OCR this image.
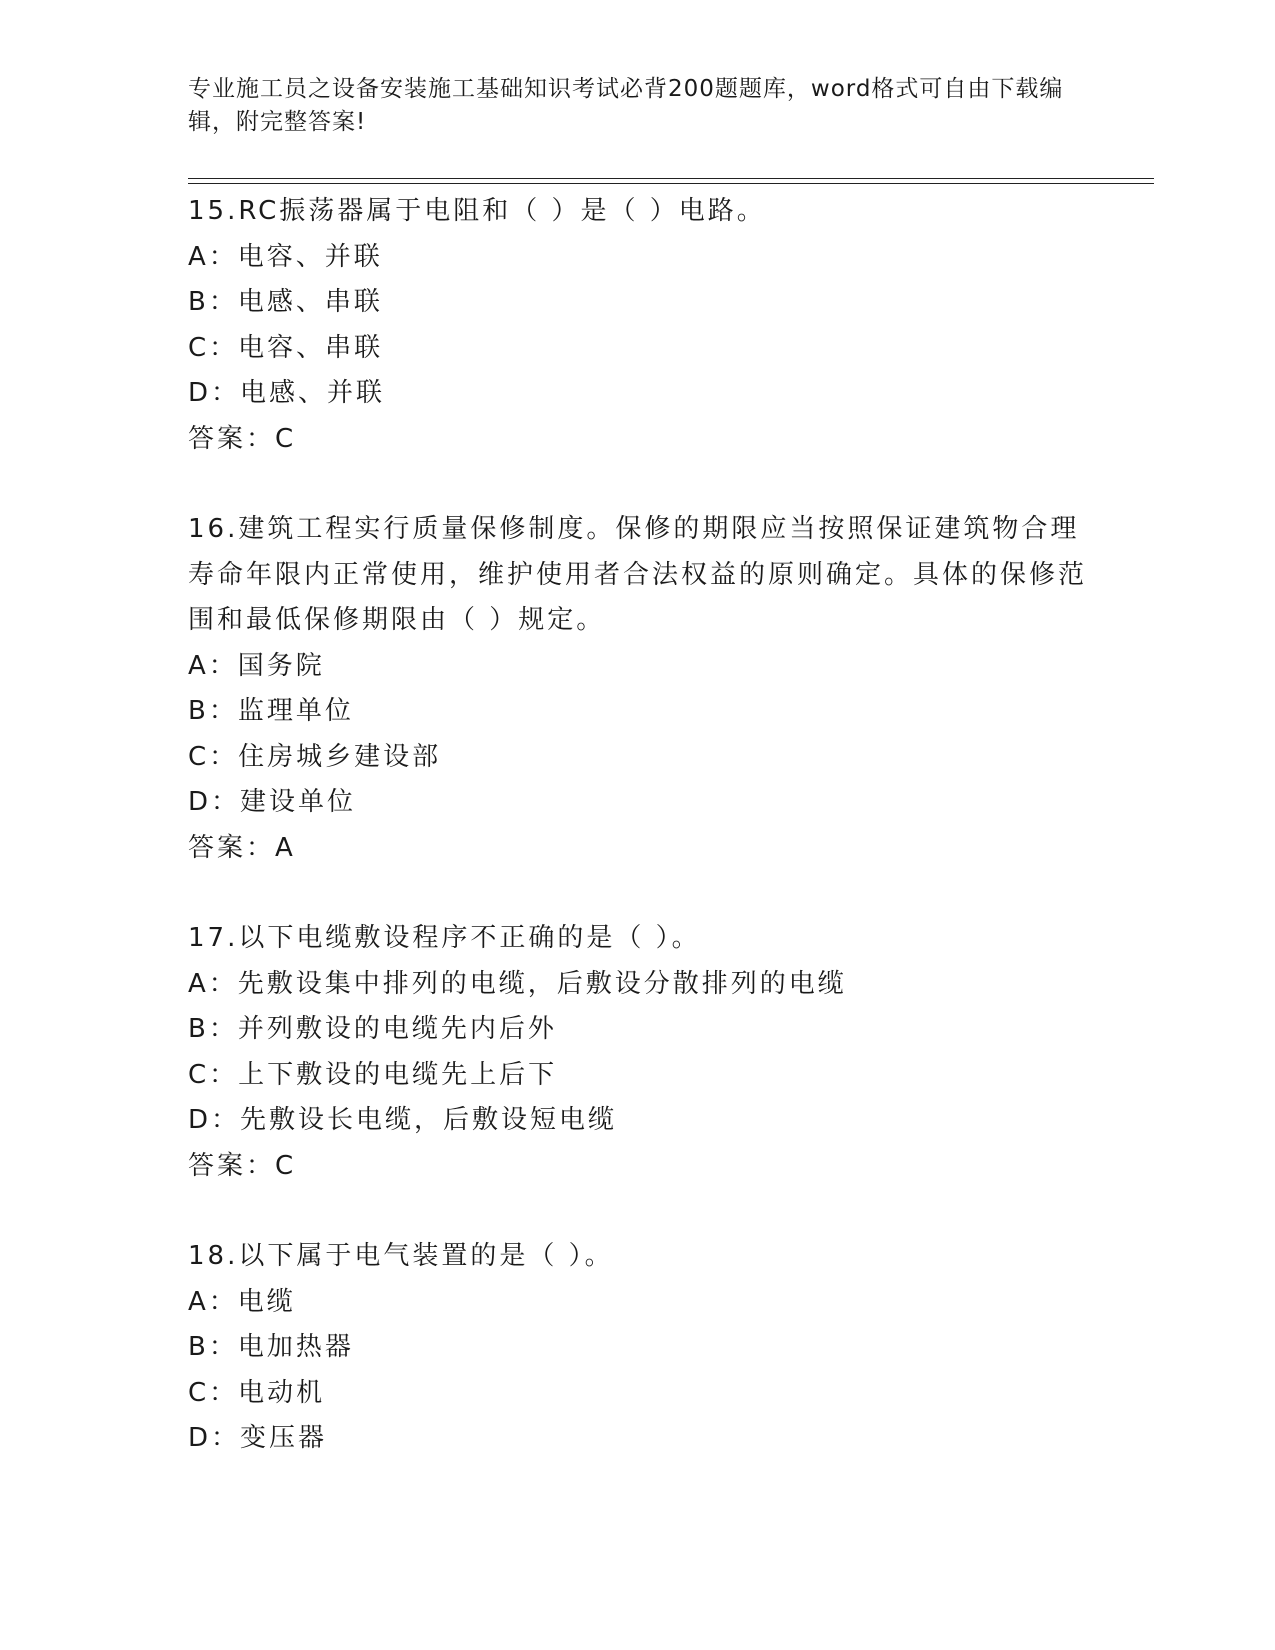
专业施工员之设备安装施工基础知识考试必背200题题库，word格式可自由下载编辑，附完整答案!
15.RC振荡器属于电阻和（ ）是（ ）电路。
A：电容、并联
B：电感、串联
C：电容、串联
D：电感、并联
答案：C
16.建筑工程实行质量保修制度。保修的期限应当按照保证建筑物合理寿命年限内正常使用，维护使用者合法权益的原则确定。具体的保修范围和最低保修期限由（ ）规定。
A：国务院
B：监理单位
C：住房城乡建设部
D：建设单位
答案：A
17.以下电缆敷设程序不正确的是（ ）。
A：先敷设集中排列的电缆，后敷设分散排列的电缆
B：并列敷设的电缆先内后外
C：上下敷设的电缆先上后下
D：先敷设长电缆，后敷设短电缆
答案：C
18.以下属于电气装置的是（ ）。
A：电缆
B：电加热器
C：电动机
D：变压器
